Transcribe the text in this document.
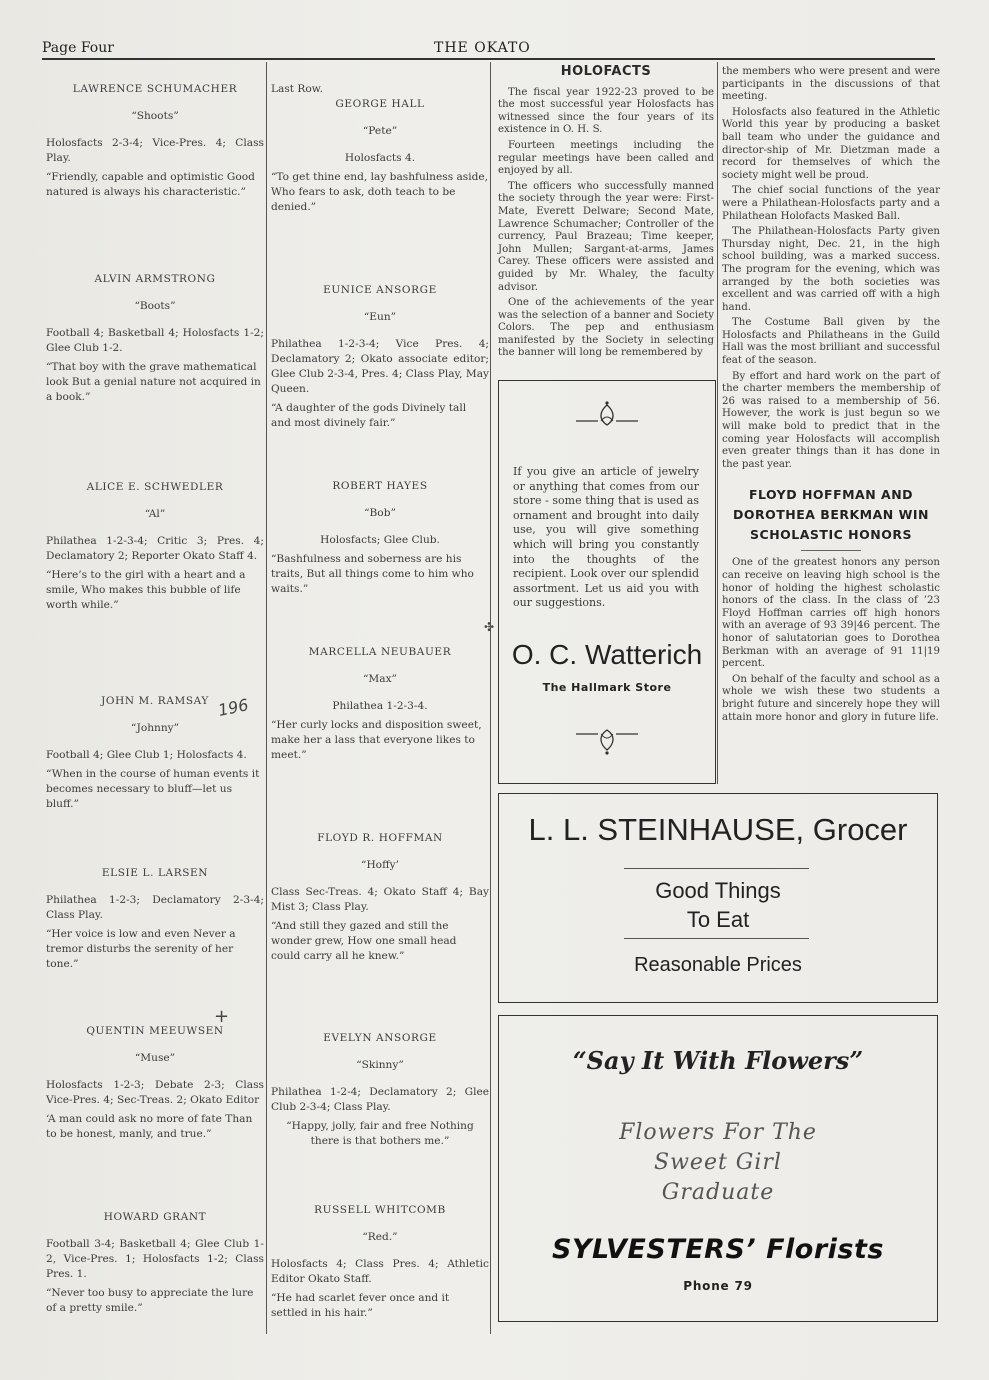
Page Four	THE OKATO
LAWRENCE SCHUMACHER
“Shoots”
Holosfacts 2-3-4; Vice-Pres. 4; Class Play.
“Friendly, capable and optimistic Good natured is always his characteristic.”
ALVIN ARMSTRONG
“Boots”
Football 4; Basketball 4; Holosfacts 1-2; Glee Club 1-2.
“That boy with the grave mathematical look But a genial nature not acquired in a book.”
ALICE E. SCHWEDLER
“Al”
Philathea 1-2-3-4; Critic 3; Pres. 4; Declamatory 2; Reporter Okato Staff 4.
“Here’s to the girl with a heart and a smile, Who makes this bubble of life worth while.”
JOHN M. RAMSAY
“Johnny”
Football 4; Glee Club 1; Holosfacts 4.
“When in the course of human events it becomes necessary to bluff—let us bluff.”
ELSIE L. LARSEN
Philathea 1-2-3; Declamatory 2-3-4; Class Play.
“Her voice is low and even Never a tremor disturbs the serenity of her tone.”
QUENTIN MEEUWSEN
“Muse”
Holosfacts 1-2-3; Debate 2-3; Class Vice-Pres. 4; Sec-Treas. 2; Okato Editor
‘A man could ask no more of fate Than to be honest, manly, and true.”
HOWARD GRANT
Football 3-4; Basketball 4; Glee Club 1-2, Vice-Pres. 1; Holosfacts 1-2; Class Pres. 1.
“Never too busy to appreciate the lure of a pretty smile.”
Last Row.
GEORGE HALL
“Pete”
Holosfacts 4.
“To get thine end, lay bashfulness aside, Who fears to ask, doth teach to be denied.”
EUNICE ANSORGE
“Eun”
Philathea 1-2-3-4; Vice Pres. 4; Declamatory 2; Okato associate editor; Glee Club 2-3-4, Pres. 4; Class Play, May Queen.
“A daughter of the gods Divinely tall and most divinely fair.”
ROBERT HAYES
“Bob”
Holosfacts; Glee Club.
“Bashfulness and soberness are his traits, But all things come to him who waits.”
MARCELLA NEUBAUER
“Max”
Philathea 1-2-3-4.
“Her curly locks and disposition sweet, make her a lass that everyone likes to meet.”
FLOYD R. HOFFMAN
“Hoffy’
Class Sec-Treas. 4; Okato Staff 4; Bay Mist 3; Class Play.
“And still they gazed and still the wonder grew, How one small head could carry all he knew.”
EVELYN ANSORGE
“Skinny”
Philathea 1-2-4; Declamatory 2; Glee Club 2-3-4; Class Play.
“Happy, jolly, fair and free Nothing there is that bothers me.”
RUSSELL WHITCOMB
“Red.”
Holosfacts 4; Class Pres. 4; Athletic Editor Okato Staff.
“He had scarlet fever once and it settled in his hair.”
HOLOFACTS

The fiscal year 1922-23 proved to be the most successful year Holosfacts has witnessed since the four years of its existence in O. H. S.

Fourteen meetings including the regular meetings have been called and enjoyed by all.

The officers who successfully manned the society through the year were: First-Mate, Everett Delware; Second Mate, Lawrence Schumacher; Controller of the currency, Paul Brazeau; Time keeper, John Mullen; Sargant-at-arms, James Carey. These officers were assisted and guided by Mr. Whaley, the faculty advisor.

One of the achievements of the year was the selection of a banner and Society Colors. The pep and enthusiasm manifested by the Society in selecting the banner will long be remembered by

the members who were present and were participants in the discussions of that meeting.

Holosfacts also featured in the Athletic World this year by producing a basket ball team who under the guidance and director-ship of Mr. Dietzman made a record for themselves of which the society might well be proud.

The chief social functions of the year were a Philathean-Holosfacts party and a Philathean Holofacts Masked Ball.

The Philathean-Holosfacts Party given Thursday night, Dec. 21, in the high school building, was a marked success. The program for the evening, which was arranged by the both societies was excellent and was carried off with a high hand.

The Costume Ball given by the Holosfacts and Philatheans in the Guild Hall was the most brilliant and successful feat of the season.

By effort and hard work on the part of the charter members the membership of 26 was raised to a membership of 56. However, the work is just begun so we will make bold to predict that in the coming year Holosfacts will accomplish even greater things than it has done in the past year.

FLOYD HOFFMAN AND DOROTHEA BERKMAN WIN SCHOLASTIC HONORS

One of the greatest honors any person can receive on leaving high school is the honor of holding the highest scholastic honors of the class. In the class of ’23 Floyd Hoffman carries off high honors with an average of 93 39|46 percent. The honor of salutatorian goes to Dorothea Berkman with an average of 91 11|19 percent.

On behalf of the faculty and school as a whole we wish these two students a bright future and sincerely hope they will attain more honor and glory in future life.

If you give an article of jewelry or anything that comes from our store - some thing that is used as ornament and brought into daily use, you will give something which will bring you constantly into the thoughts of the recipient. Look over our splendid assortment. Let us aid you with our suggestions.
O. C. Watterich
The Hallmark Store
L. L. STEINHAUSE, Grocer
Good Things
To Eat
Reasonable Prices
“Say It With Flowers”
Flowers For The
Sweet Girl
Graduate
SYLVESTERS’ Florists
Phone 79
196
+
✣
